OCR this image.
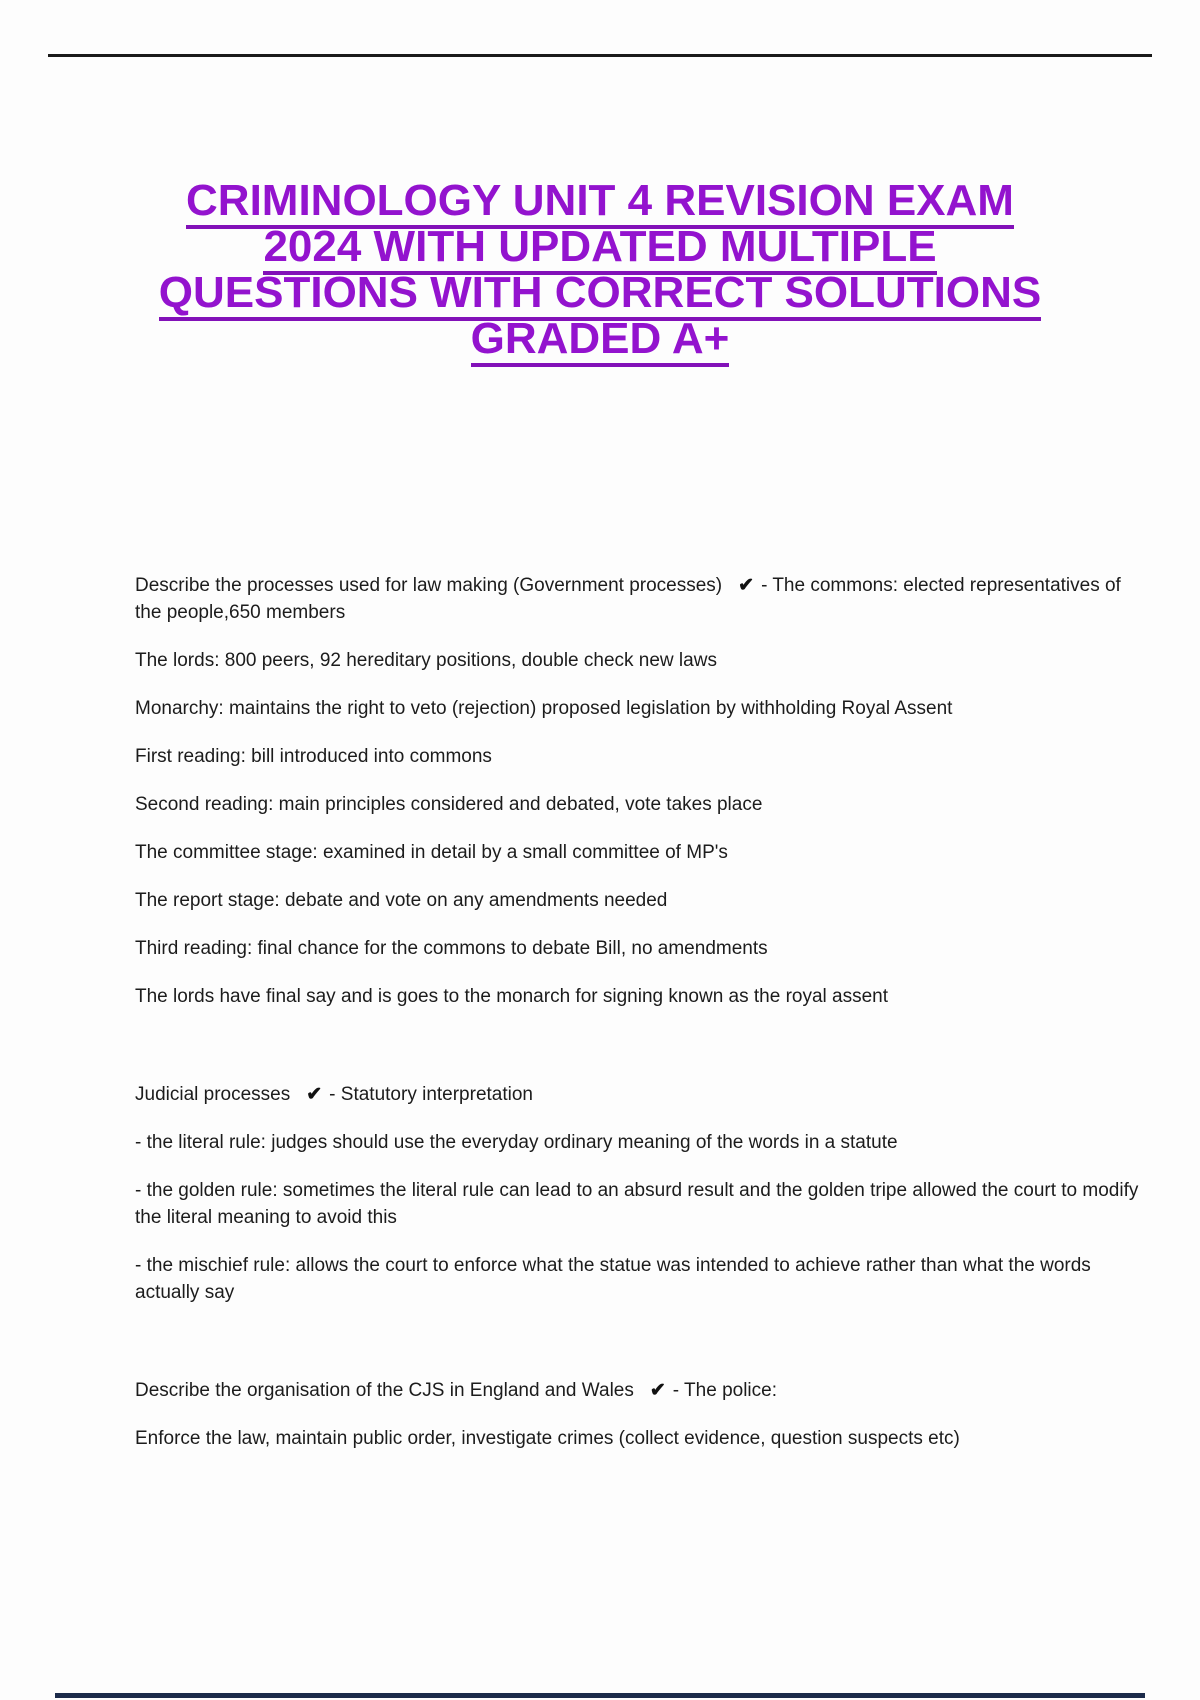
CRIMINOLOGY UNIT 4 REVISION EXAM
2024 WITH UPDATED MULTIPLE
QUESTIONS WITH CORRECT SOLUTIONS
GRADED A+

Describe the processes used for law making (Government processes) ✔ - The commons: elected representatives of the people,650 members

The lords: 800 peers, 92 hereditary positions, double check new laws

Monarchy: maintains the right to veto (rejection) proposed legislation by withholding Royal Assent

First reading: bill introduced into commons

Second reading: main principles considered and debated, vote takes place

The committee stage: examined in detail by a small committee of MP's

The report stage: debate and vote on any amendments needed

Third reading: final chance for the commons to debate Bill, no amendments

The lords have final say and is goes to the monarch for signing known as the royal assent

Judicial processes ✔ - Statutory interpretation

- the literal rule: judges should use the everyday ordinary meaning of the words in a statute

- the golden rule: sometimes the literal rule can lead to an absurd result and the golden tripe allowed the court to modify the literal meaning to avoid this

- the mischief rule: allows the court to enforce what the statue was intended to achieve rather than what the words actually say

Describe the organisation of the CJS in England and Wales ✔ - The police:

Enforce the law, maintain public order, investigate crimes (collect evidence, question suspects etc)
